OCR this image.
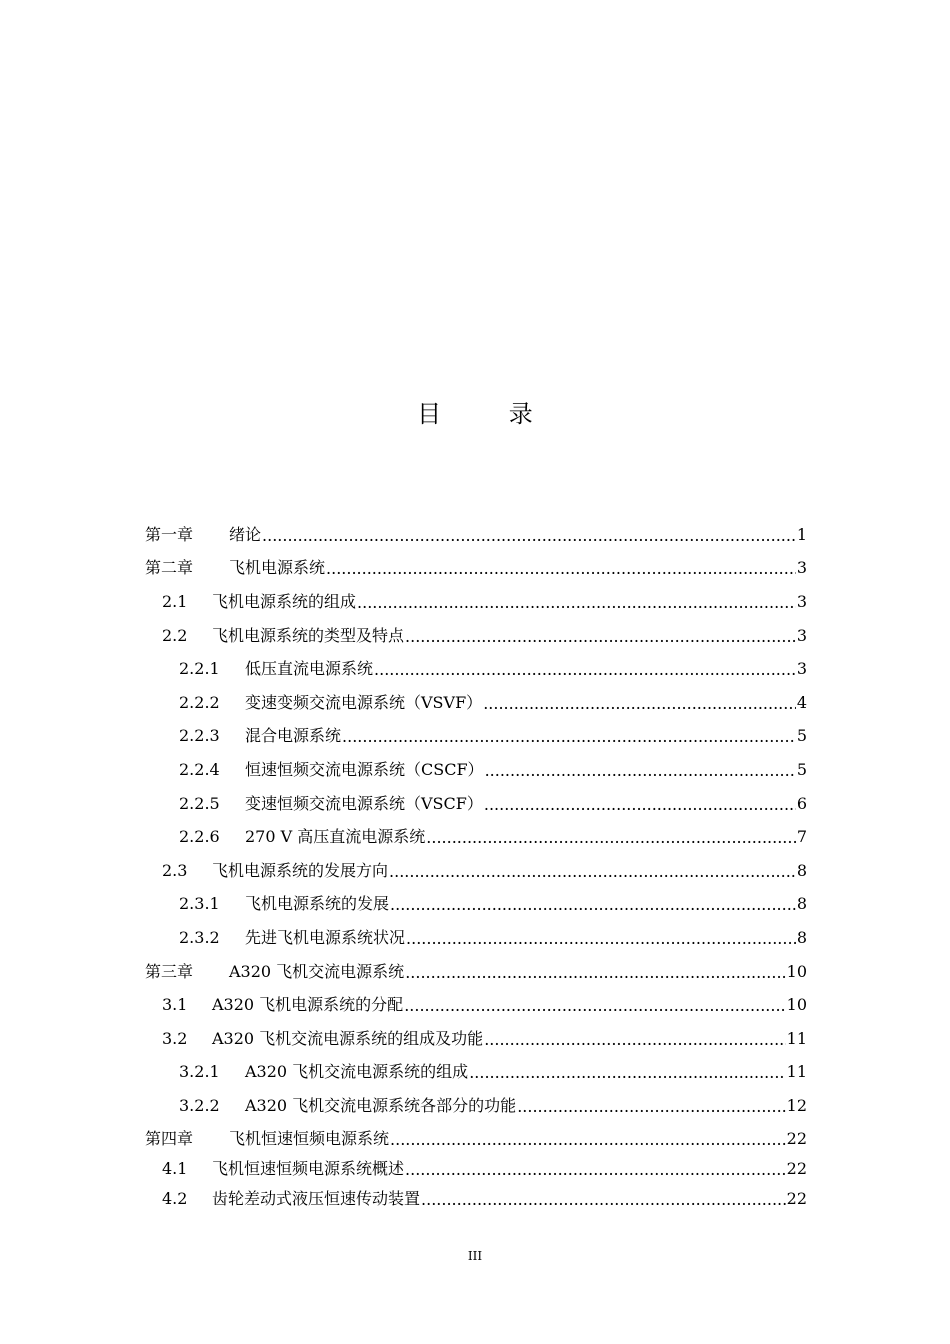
目 录
第一章	绪论 .....	1
第二章	飞机电源系统 .....	3
2.1	飞机电源系统的组成 .....	3
2.2	飞机电源系统的类型及特点 .....	3
2.2.1	低压直流电源系统 .....	3
2.2.2	变速变频交流电源系统（VSVF） .....	4
2.2.3	混合电源系统 .....	5
2.2.4	恒速恒频交流电源系统（CSCF） .....	5
2.2.5	变速恒频交流电源系统（VSCF） .....	6
2.2.6	270 V 高压直流电源系统 .....	7
2.3	飞机电源系统的发展方向 .....	8
2.3.1	飞机电源系统的发展 .....	8
2.3.2	先进飞机电源系统状况 .....	8
第三章	A320 飞机交流电源系统 .....	10
3.1	A320 飞机电源系统的分配 .....	10
3.2	A320 飞机交流电源系统的组成及功能 .....	11
3.2.1	A320 飞机交流电源系统的组成 .....	11
3.2.2	A320 飞机交流电源系统各部分的功能 .....	12
第四章	飞机恒速恒频电源系统 .....	22
4.1	飞机恒速恒频电源系统概述 .....	22
4.2	齿轮差动式液压恒速传动装置 .....	22
III
